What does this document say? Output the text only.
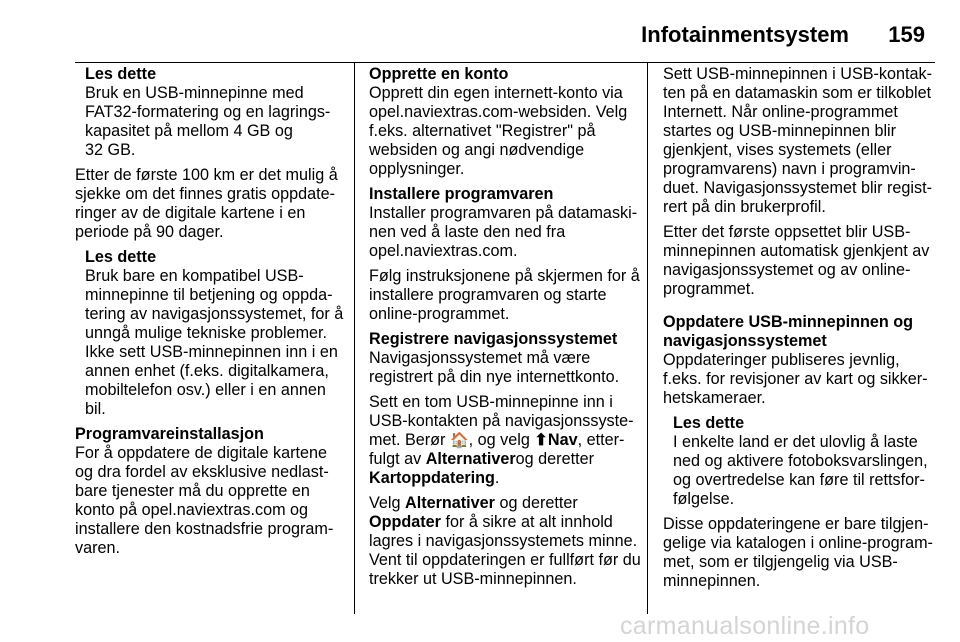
Infotainmentsystem 159
Les dette
Bruk en USB-minnepinne med
FAT32-formatering og en lagrings-
kapasitet på mellom 4 GB og
32 GB.
Etter de første 100 km er det mulig å
sjekke om det finnes gratis oppdate-
ringer av de digitale kartene i en
periode på 90 dager.
Les dette
Bruk bare en kompatibel USB-
minnepinne til betjening og oppda-
tering av navigasjonssystemet, for å
unngå mulige tekniske problemer.
Ikke sett USB-minnepinnen inn i en
annen enhet (f.eks. digitalkamera,
mobiltelefon osv.) eller i en annen
bil.
Programvareinstallasjon
For å oppdatere de digitale kartene
og dra fordel av eksklusive nedlast-
bare tjenester må du opprette en
konto på opel.naviextras.com og
installere den kostnadsfrie program-
varen.
Opprette en konto
Opprett din egen internett-konto via
opel.naviextras.com-websiden. Velg
f.eks. alternativet "Registrer" på
websiden og angi nødvendige
opplysninger.
Installere programvaren
Installer programvaren på datamaski-
nen ved å laste den ned fra
opel.naviextras.com.
Følg instruksjonene på skjermen for å
installere programvaren og starte
online-programmet.
Registrere navigasjonssystemet
Navigasjonssystemet må være
registrert på din nye internettkonto.
Sett en tom USB-minnepinne inn i
USB-kontakten på navigasjonssyste-
met. Berør 🏠, og velg ⬆Nav, etter-
fulgt av Alternativerog deretter
Kartoppdatering.
Velg Alternativer og deretter
Oppdater for å sikre at alt innhold
lagres i navigasjonssystemets minne.
Vent til oppdateringen er fullført før du
trekker ut USB-minnepinnen.
Sett USB-minnepinnen i USB-kontak-
ten på en datamaskin som er tilkoblet
Internett. Når online-programmet
startes og USB-minnepinnen blir
gjenkjent, vises systemets (eller
programvarens) navn i programvin-
duet. Navigasjonssystemet blir regist-
rert på din brukerprofil.
Etter det første oppsettet blir USB-
minnepinnen automatisk gjenkjent av
navigasjonssystemet og av online-
programmet.
Oppdatere USB-minnepinnen og
navigasjonssystemet
Oppdateringer publiseres jevnlig,
f.eks. for revisjoner av kart og sikker-
hetskameraer.
Les dette
I enkelte land er det ulovlig å laste
ned og aktivere fotoboksvarslingen,
og overtredelse kan føre til rettsfor-
følgelse.
Disse oppdateringene er bare tilgjen-
gelige via katalogen i online-program-
met, som er tilgjengelig via USB-
minnepinnen.
carmanualsonline.info
